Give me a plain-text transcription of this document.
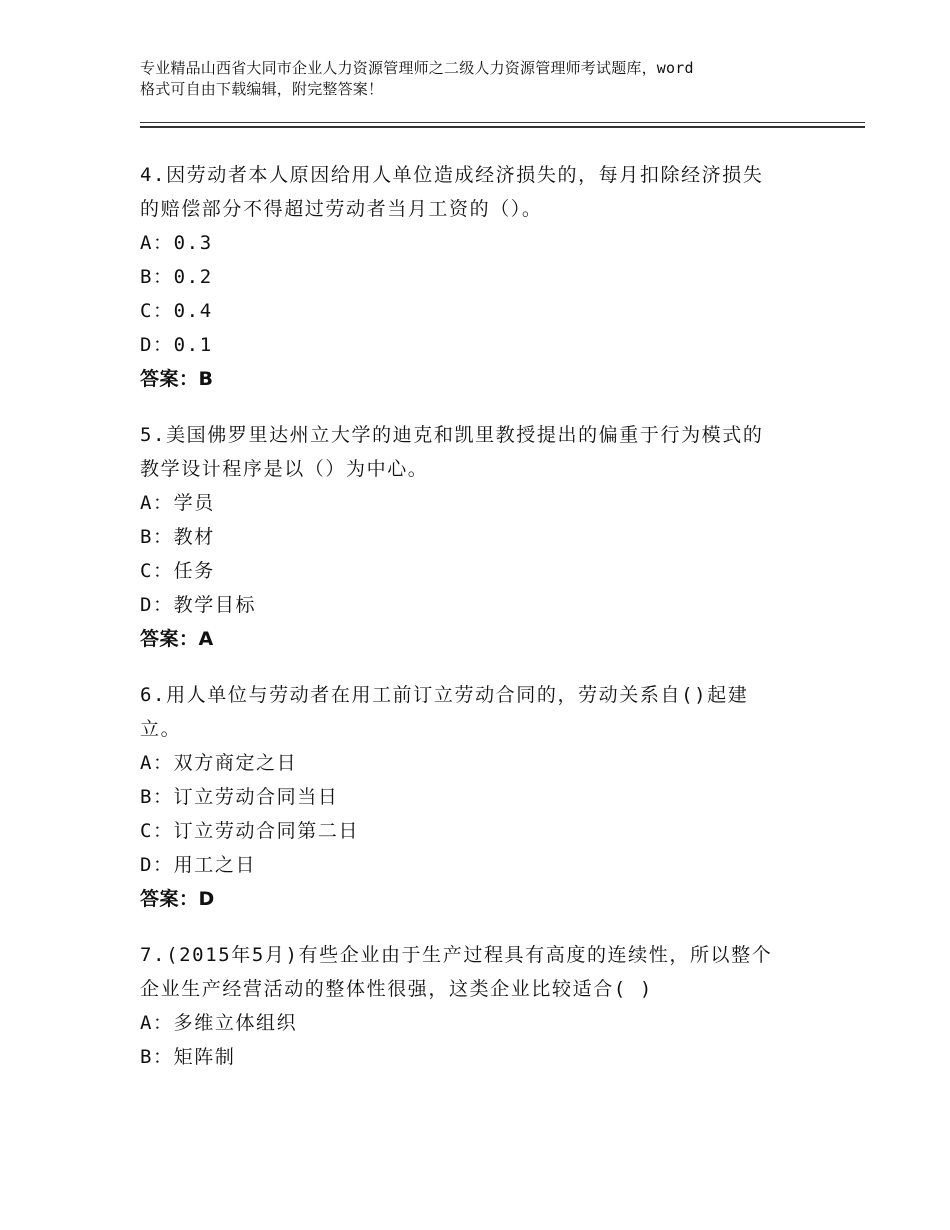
专业精品山西省大同市企业人力资源管理师之二级人力资源管理师考试题库，word
格式可自由下载编辑，附完整答案！

4.因劳动者本人原因给用人单位造成经济损失的，每月扣除经济损失

的赔偿部分不得超过劳动者当月工资的（）。

A：0.3

B：0.2

C：0.4

D：0.1

答案：B

5.美国佛罗里达州立大学的迪克和凯里教授提出的偏重于行为模式的

教学设计程序是以（）为中心。

A：学员

B：教材

C：任务

D：教学目标

答案：A

6.用人单位与劳动者在用工前订立劳动合同的，劳动关系自()起建

立。

A：双方商定之日

B：订立劳动合同当日

C：订立劳动合同第二日

D：用工之日

答案：D

7.(2015年5月)有些企业由于生产过程具有高度的连续性，所以整个

企业生产经营活动的整体性很强，这类企业比较适合( )

A：多维立体组织

B：矩阵制
